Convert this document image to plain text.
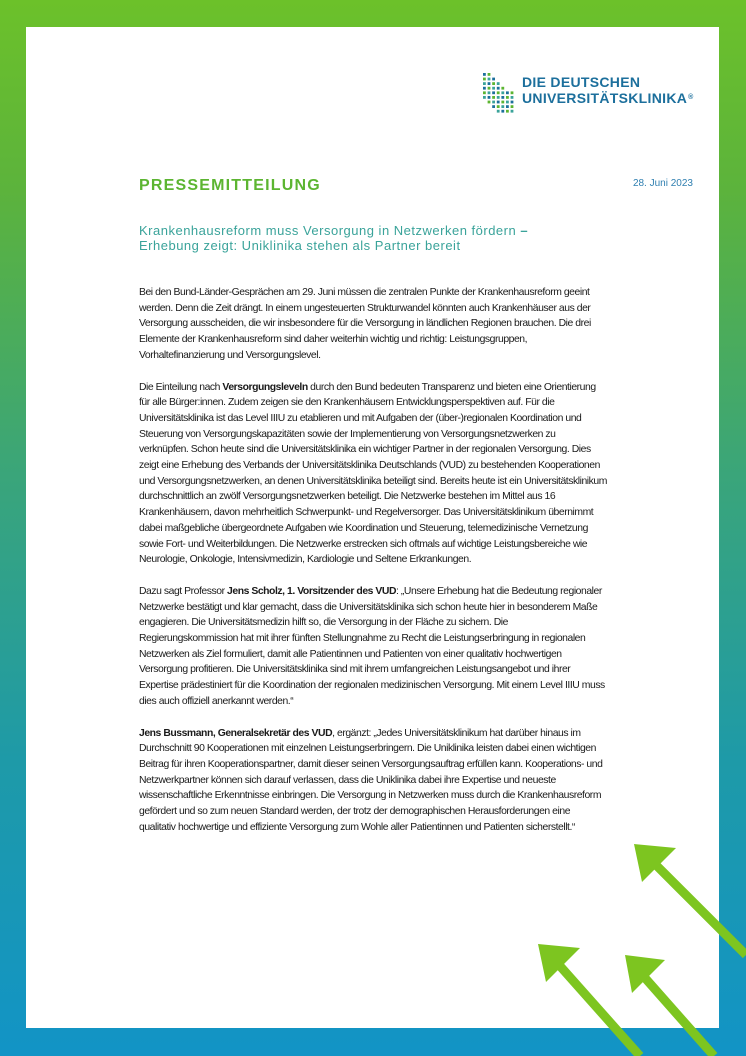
DIE DEUTSCHEN
UNIVERSITÄTSKLINIKA®
PRESSEMITTEILUNG	28. Juni 2023
Krankenhausreform muss Versorgung in Netzwerken fördern –
Erhebung zeigt: Uniklinika stehen als Partner bereit

Bei den Bund-Länder-Gesprächen am 29. Juni müssen die zentralen Punkte der Krankenhausreform geeint werden. Denn die Zeit drängt. In einem ungesteuerten Strukturwandel könnten auch Krankenhäuser aus der Versorgung ausscheiden, die wir insbesondere für die Versorgung in ländlichen Regionen brauchen. Die drei Elemente der Krankenhausreform sind daher weiterhin wichtig und richtig: Leistungsgruppen, Vorhaltefinanzierung und Versorgungslevel.

Die Einteilung nach Versorgungsleveln durch den Bund bedeuten Transparenz und bieten eine Orientierung für alle Bürger:innen. Zudem zeigen sie den Krankenhäusern Entwicklungsperspektiven auf. Für die Universitätsklinika ist das Level IIIU zu etablieren und mit Aufgaben der (über-)regionalen Koordination und Steuerung von Versorgungskapazitäten sowie der Implementierung von Versorgungsnetzwerken zu verknüpfen. Schon heute sind die Universitätsklinika ein wichtiger Partner in der regionalen Versorgung. Dies zeigt eine Erhebung des Verbands der Universitätsklinika Deutschlands (VUD) zu bestehenden Kooperationen und Versorgungsnetzwerken, an denen Universitätsklinika beteiligt sind. Bereits heute ist ein Universitätsklinikum durchschnittlich an zwölf Versorgungsnetzwerken beteiligt. Die Netzwerke bestehen im Mittel aus 16 Krankenhäusern, davon mehrheitlich Schwerpunkt- und Regelversorger. Das Universitätsklinikum übernimmt dabei maßgebliche übergeordnete Aufgaben wie Koordination und Steuerung, telemedizinische Vernetzung sowie Fort- und Weiterbildungen. Die Netzwerke erstrecken sich oftmals auf wichtige Leistungsbereiche wie Neurologie, Onkologie, Intensivmedizin, Kardiologie und Seltene Erkrankungen.

Dazu sagt Professor Jens Scholz, 1. Vorsitzender des VUD: „Unsere Erhebung hat die Bedeutung regionaler Netzwerke bestätigt und klar gemacht, dass die Universitätsklinika sich schon heute hier in besonderem Maße engagieren. Die Universitätsmedizin hilft so, die Versorgung in der Fläche zu sichern. Die Regierungskommission hat mit ihrer fünften Stellungnahme zu Recht die Leistungserbringung in regionalen Netzwerken als Ziel formuliert, damit alle Patientinnen und Patienten von einer qualitativ hochwertigen Versorgung profitieren. Die Universitätsklinika sind mit ihrem umfangreichen Leistungsangebot und ihrer Expertise prädestiniert für die Koordination der regionalen medizinischen Versorgung. Mit einem Level IIIU muss dies auch offiziell anerkannt werden.“

Jens Bussmann, Generalsekretär des VUD, ergänzt: „Jedes Universitätsklinikum hat darüber hinaus im Durchschnitt 90 Kooperationen mit einzelnen Leistungserbringern. Die Uniklinika leisten dabei einen wichtigen Beitrag für ihren Kooperationspartner, damit dieser seinen Versorgungsauftrag erfüllen kann. Kooperations- und Netzwerkpartner können sich darauf verlassen, dass die Uniklinika dabei ihre Expertise und neueste wissenschaftliche Erkenntnisse einbringen. Die Versorgung in Netzwerken muss durch die Krankenhausreform gefördert und so zum neuen Standard werden, der trotz der demographischen Herausforderungen eine qualitativ hochwertige und effiziente Versorgung zum Wohle aller Patientinnen und Patienten sicherstellt.“
